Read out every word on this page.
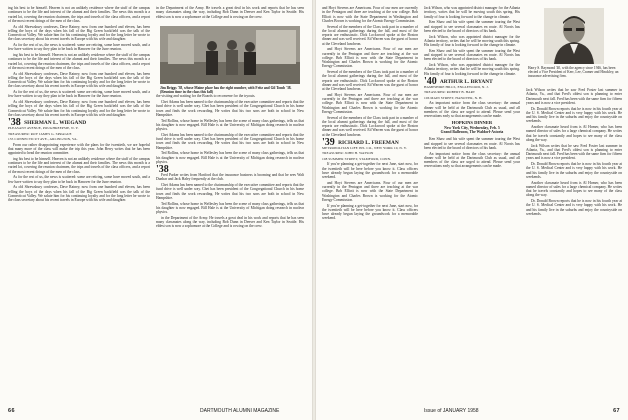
ing his best to be himself. Heaven is not an unlikely residence where the stuff of the campus continues to be the life and interest of the alumni and their families. The news this month is a varied lot, covering the reunion chairmen, the trips and travels of the class officers, and a report of the most recent doings of the men of the class.

As old Shrewsbury confesses, Dave Rainey, now from one hundred and eleven, has been telling the boys of the days when his fall of the Big Green backfield was the talk of the Connecticut Valley. We salute him for his continuing loyalty and for the long letter he wrote to the class secretary about his recent travels in Europe with his wife and daughter.

As for the rest of us, the news is scattered: some are retiring, some have moved south, and a few have written to say they plan to be back in Hanover for the June reunion.

ing his best to be himself. Heaven is not an unlikely residence where the stuff of the campus continues to be the life and interest of the alumni and their families. The news this month is a varied lot, covering the reunion chairmen, the trips and travels of the class officers, and a report of the most recent doings of the men of the class.

As old Shrewsbury confesses, Dave Rainey, now from one hundred and eleven, has been telling the boys of the days when his fall of the Big Green backfield was the talk of the Connecticut Valley. We salute him for his continuing loyalty and for the long letter he wrote to the class secretary about his recent travels in Europe with his wife and daughter.

As for the rest of us, the news is scattered: some are retiring, some have moved south, and a few have written to say they plan to be back in Hanover for the June reunion.

As old Shrewsbury confesses, Dave Rainey, now from one hundred and eleven, has been telling the boys of the days when his fall of the Big Green backfield was the talk of the Connecticut Valley. We salute him for his continuing loyalty and for the long letter he wrote to the class secretary about his recent travels in Europe with his wife and daughter.

'38 SHERMAN L. WIEGAND
PLEASANT AVENUE, POUGHKEEPSIE, N. Y.
TREASURER: ROY JAMES G. SPRAGUE
135 CONNECTICUT AVE., ARLINGTON, VA.

From our rather disappointing experience with the plans for the twentieth, we are hopeful that many more of the class will make the trip this year. John Berry writes that he has been appointed to head the reunion committee.

ing his best to be himself. Heaven is not an unlikely residence where the stuff of the campus continues to be the life and interest of the alumni and their families. The news this month is a varied lot, covering the reunion chairmen, the trips and travels of the class officers, and a report of the most recent doings of the men of the class.

As for the rest of us, the news is scattered: some are retiring, some have moved south, and a few have written to say they plan to be back in Hanover for the June reunion.

As old Shrewsbury confesses, Dave Rainey, now from one hundred and eleven, has been telling the boys of the days when his fall of the Big Green backfield was the talk of the Connecticut Valley. We salute him for his continuing loyalty and for the long letter he wrote to the class secretary about his recent travels in Europe with his wife and daughter.

in the Department of the Army. He travels a great deal in his work and reports that he has seen many classmates along the way, including Bob Dunn in Denver and Ken Taylor in Seattle. His eldest son is now a sophomore at the College and is rowing on the crew.

the visiting and waiting for the Boards to reconvene for the tryouts.

Chet Adams has been named to the chairmanship of the executive committee and reports that the fund drive is well under way. Chet has been president of the Congregational Church in his home town and finds the work rewarding. He writes that his two sons are both in school in New Hampshire.

Ted Rollins, whose home in Wellesley has been the scene of many class gatherings, tells us that his daughter is now engaged. Bill Hale is at the University of Michigan doing research in nuclear physics.

Chet Adams has been named to the chairmanship of the executive committee and reports that the fund drive is well under way. Chet has been president of the Congregational Church in his home town and finds the work rewarding. He writes that his two sons are both in school in New Hampshire.

Ted Rollins, whose home in Wellesley has been the scene of many class gatherings, tells us that his daughter is now engaged. Bill Hale is at the University of Michigan doing research in nuclear physics.

'38

Fred Parker writes from Hartford that the insurance business is booming and that he sees Walt Dunbar and Jack Haley frequently at the club.

Chet Adams has been named to the chairmanship of the executive committee and reports that the fund drive is well under way. Chet has been president of the Congregational Church in his home town and finds the work rewarding. He writes that his two sons are both in school in New Hampshire.

Ted Rollins, whose home in Wellesley has been the scene of many class gatherings, tells us that his daughter is now engaged. Bill Hale is at the University of Michigan doing research in nuclear physics.

in the Department of the Army. He travels a great deal in his work and reports that he has seen many classmates along the way, including Bob Dunn in Denver and Ken Taylor in Seattle. His eldest son is now a sophomore at the College and is rowing on the crew.

Jim Briggs '38, whose Maine place has the right number, with Fritz and Gil Tomb '38. (Reunion time in the class this fall)
66	DARTMOUTH ALUMNI MAGAZINE

and Hoyt Stevens are Americans. Four of our men are currently in the Pentagon and three are teaching at the war college. Bob Elliott is now with the State Department in Washington and Charles Brown is working for the Atomic Energy Commission.

Several of the members of the Class took part in a number of the local alumni gatherings during the fall, and most of the reports are enthusiastic. Dick Lockwood spoke at the Boston dinner and was well received. Ed Warren was the guest of honor at the Cleveland luncheon.

and Hoyt Stevens are Americans. Four of our men are currently in the Pentagon and three are teaching at the war college. Bob Elliott is now with the State Department in Washington and Charles Brown is working for the Atomic Energy Commission.

Several of the members of the Class took part in a number of the local alumni gatherings during the fall, and most of the reports are enthusiastic. Dick Lockwood spoke at the Boston dinner and was well received. Ed Warren was the guest of honor at the Cleveland luncheon.

and Hoyt Stevens are Americans. Four of our men are currently in the Pentagon and three are teaching at the war college. Bob Elliott is now with the State Department in Washington and Charles Brown is working for the Atomic Energy Commission.

Several of the members of the Class took part in a number of the local alumni gatherings during the fall, and most of the reports are enthusiastic. Dick Lockwood spoke at the Boston dinner and was well received. Ed Warren was the guest of honor at the Cleveland luncheon.

'39 RICHARD L. FREEMAN
METROPOLITAN LIFE INS. CO., NEW YORK 10, N. Y.
TREASURER: JOHN H. WATSON
108 SUMMER STREET, STAMFORD, CONN.

If you're planning a get-together for next June, start now, for the twentieth will be here before you know it. Class officers have already begun laying the groundwork for a memorable weekend.

and Hoyt Stevens are Americans. Four of our men are currently in the Pentagon and three are teaching at the war college. Bob Elliott is now with the State Department in Washington and Charles Brown is working for the Atomic Energy Commission.

If you're planning a get-together for next June, start now, for the twentieth will be here before you know it. Class officers have already begun laying the groundwork for a memorable weekend.

Jack Wilson, who was appointed district manager for the Atlanta territory, writes that he will be moving south this spring. His family of four is looking forward to the change in climate.

Ken Shaw and his wife spent the summer touring the West and stopped to see several classmates en route. Al Norris has been elected to the board of directors of his bank.

Jack Wilson, who was appointed district manager for the Atlanta territory, writes that he will be moving south this spring. His family of four is looking forward to the change in climate.

Ken Shaw and his wife spent the summer touring the West and stopped to see several classmates en route. Al Norris has been elected to the board of directors of his bank.

Jack Wilson, who was appointed district manager for the Atlanta territory, writes that he will be moving south this spring. His family of four is looking forward to the change in climate.

'40 ARTHUR L. BRYANT
HAMPSHIRE HILLS, ENGLEWOOD, N. J.
TREASURER: ROBERT B. HART
106 MAIN STREET, HANOVER, N. H.

An important notice from the class secretary: the annual dinner will be held at the Dartmouth Club as usual, and all members of the class are urged to attend. Please send your reservations early so that arrangements can be made.

HOPKINS DINNER
New York City, Wednesday, Feb. 5
Grand Ballroom, The Waldorf-Astoria

Ken Shaw and his wife spent the summer touring the West and stopped to see several classmates en route. Al Norris has been elected to the board of directors of his bank.

An important notice from the class secretary: the annual dinner will be held at the Dartmouth Club as usual, and all members of the class are urged to attend. Please send your reservations early so that arrangements can be made.

Jack Wilson writes that he saw Fred Foster last summer in Atlanta, Va., and that Fred's oldest son is planning to enter Dartmouth next fall. Fred has been with the same firm for fifteen years and is now a vice president.

Dr. Donald Brown reports that he is now in his fourth year at the U. S. Medical Center and is very happy with his work. He and his family live in the suburbs and enjoy the countryside on weekends.

Another classmate heard from is Al Homer, who has been named director of sales for a large chemical company. He writes that he travels constantly and hopes to see many of the class along the way.

Jack Wilson writes that he saw Fred Foster last summer in Atlanta, Va., and that Fred's oldest son is planning to enter Dartmouth next fall. Fred has been with the same firm for fifteen years and is now a vice president.

Dr. Donald Brown reports that he is now in his fourth year at the U. S. Medical Center and is very happy with his work. He and his family live in the suburbs and enjoy the countryside on weekends.

Another classmate heard from is Al Homer, who has been named director of sales for a large chemical company. He writes that he travels constantly and hopes to see many of the class along the way.

Dr. Donald Brown reports that he is now in his fourth year at the U. S. Medical Center and is very happy with his work. He and his family live in the suburbs and enjoy the countryside on weekends.

Harry S. Raymond '40, with the agency since 1946, has been elected a Vice President of Kerr, Lee, Cramer and Hinckley, an insurance advertising firm.
Issue of JANUARY 1958	67
